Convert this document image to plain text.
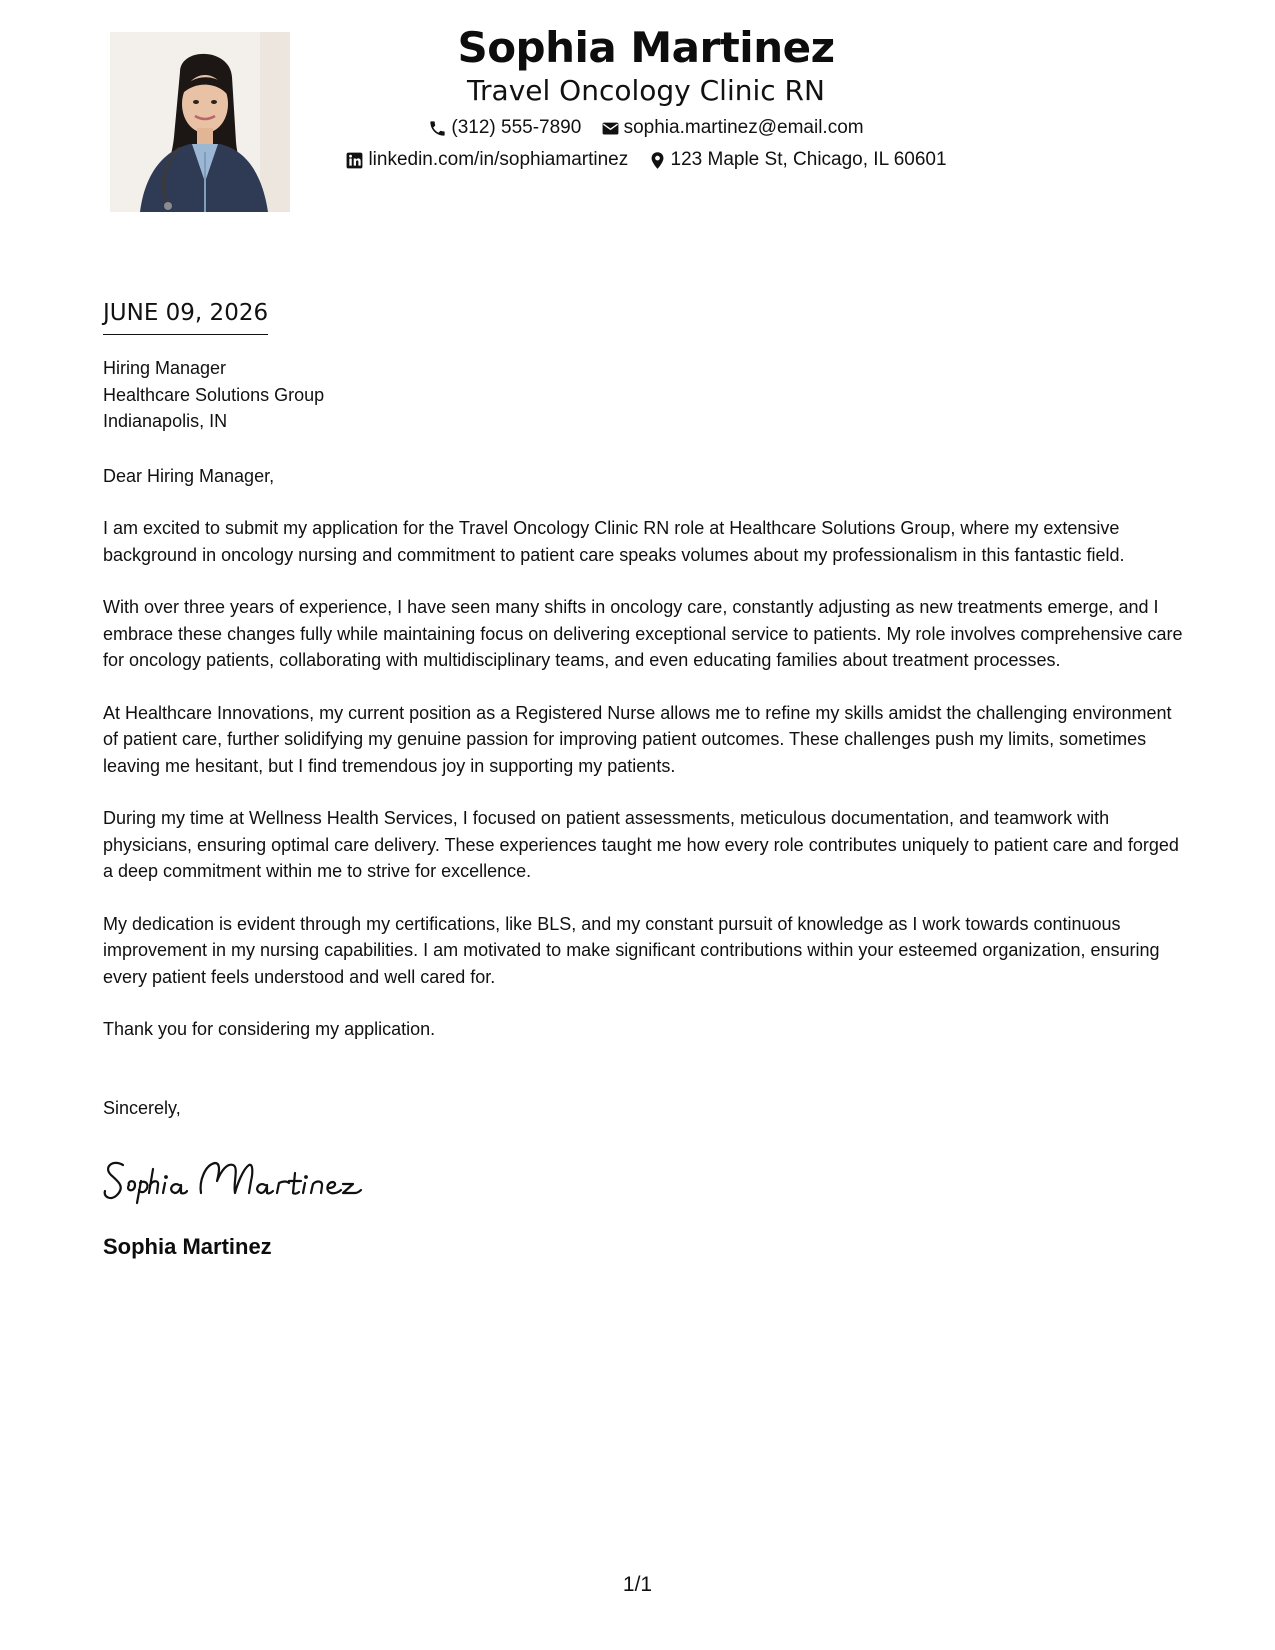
Sophia Martinez
Travel Oncology Clinic RN
(312) 555-7890
sophia.martinez@email.com
linkedin.com/in/sophiamartinez
123 Maple St, Chicago, IL 60601
JUNE 09, 2026
Hiring Manager
Healthcare Solutions Group
Indianapolis, IN
Dear Hiring Manager,
I am excited to submit my application for the Travel Oncology Clinic RN role at Healthcare Solutions Group, where my extensive background in oncology nursing and commitment to patient care speaks volumes about my professionalism in this fantastic field.
With over three years of experience, I have seen many shifts in oncology care, constantly adjusting as new treatments emerge, and I embrace these changes fully while maintaining focus on delivering exceptional service to patients. My role involves comprehensive care for oncology patients, collaborating with multidisciplinary teams, and even educating families about treatment processes.
At Healthcare Innovations, my current position as a Registered Nurse allows me to refine my skills amidst the challenging environment of patient care, further solidifying my genuine passion for improving patient outcomes. These challenges push my limits, sometimes leaving me hesitant, but I find tremendous joy in supporting my patients.
During my time at Wellness Health Services, I focused on patient assessments, meticulous documentation, and teamwork with physicians, ensuring optimal care delivery. These experiences taught me how every role contributes uniquely to patient care and forged a deep commitment within me to strive for excellence.
My dedication is evident through my certifications, like BLS, and my constant pursuit of knowledge as I work towards continuous improvement in my nursing capabilities. I am motivated to make significant contributions within your esteemed organization, ensuring every patient feels understood and well cared for.
Thank you for considering my application.
Sincerely,
Sophia Martinez
1/1
